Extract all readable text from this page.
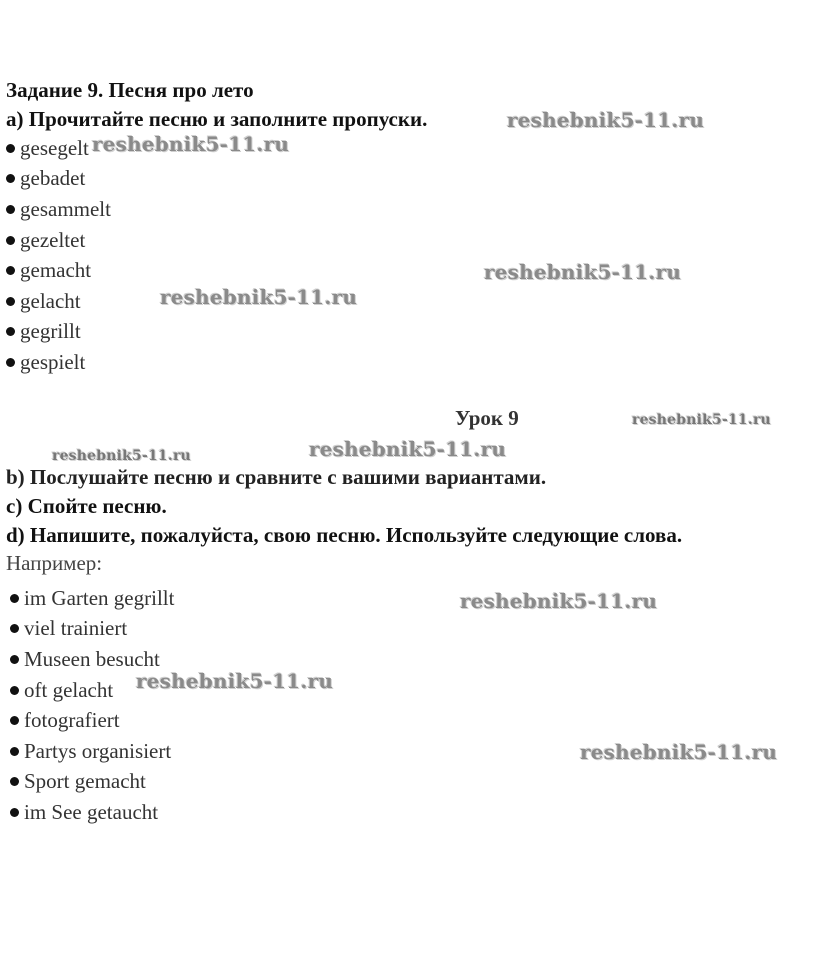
Задание 9. Песня про лето
a) Прочитайте песню и заполните пропуски.
gesegelt
gebadet
gesammelt
gezeltet
gemacht
gelacht
gegrillt
gespielt
Урок 9
b) Послушайте песню и сравните с вашими вариантами.
c) Спойте песню.
d) Напишите, пожалуйста, свою песню. Используйте следующие слова.
Например:
im Garten gegrillt
viel trainiert
Museen besucht
oft gelacht
fotografiert
Partys organisiert
Sport gemacht
im See getaucht
reshebnik5-11.ru
reshebnik5-11.ru
reshebnik5-11.ru
reshebnik5-11.ru
reshebnik5-11.ru
reshebnik5-11.ru	reshebnik5-11.ru
reshebnik5-11.ru
reshebnik5-11.ru
reshebnik5-11.ru
